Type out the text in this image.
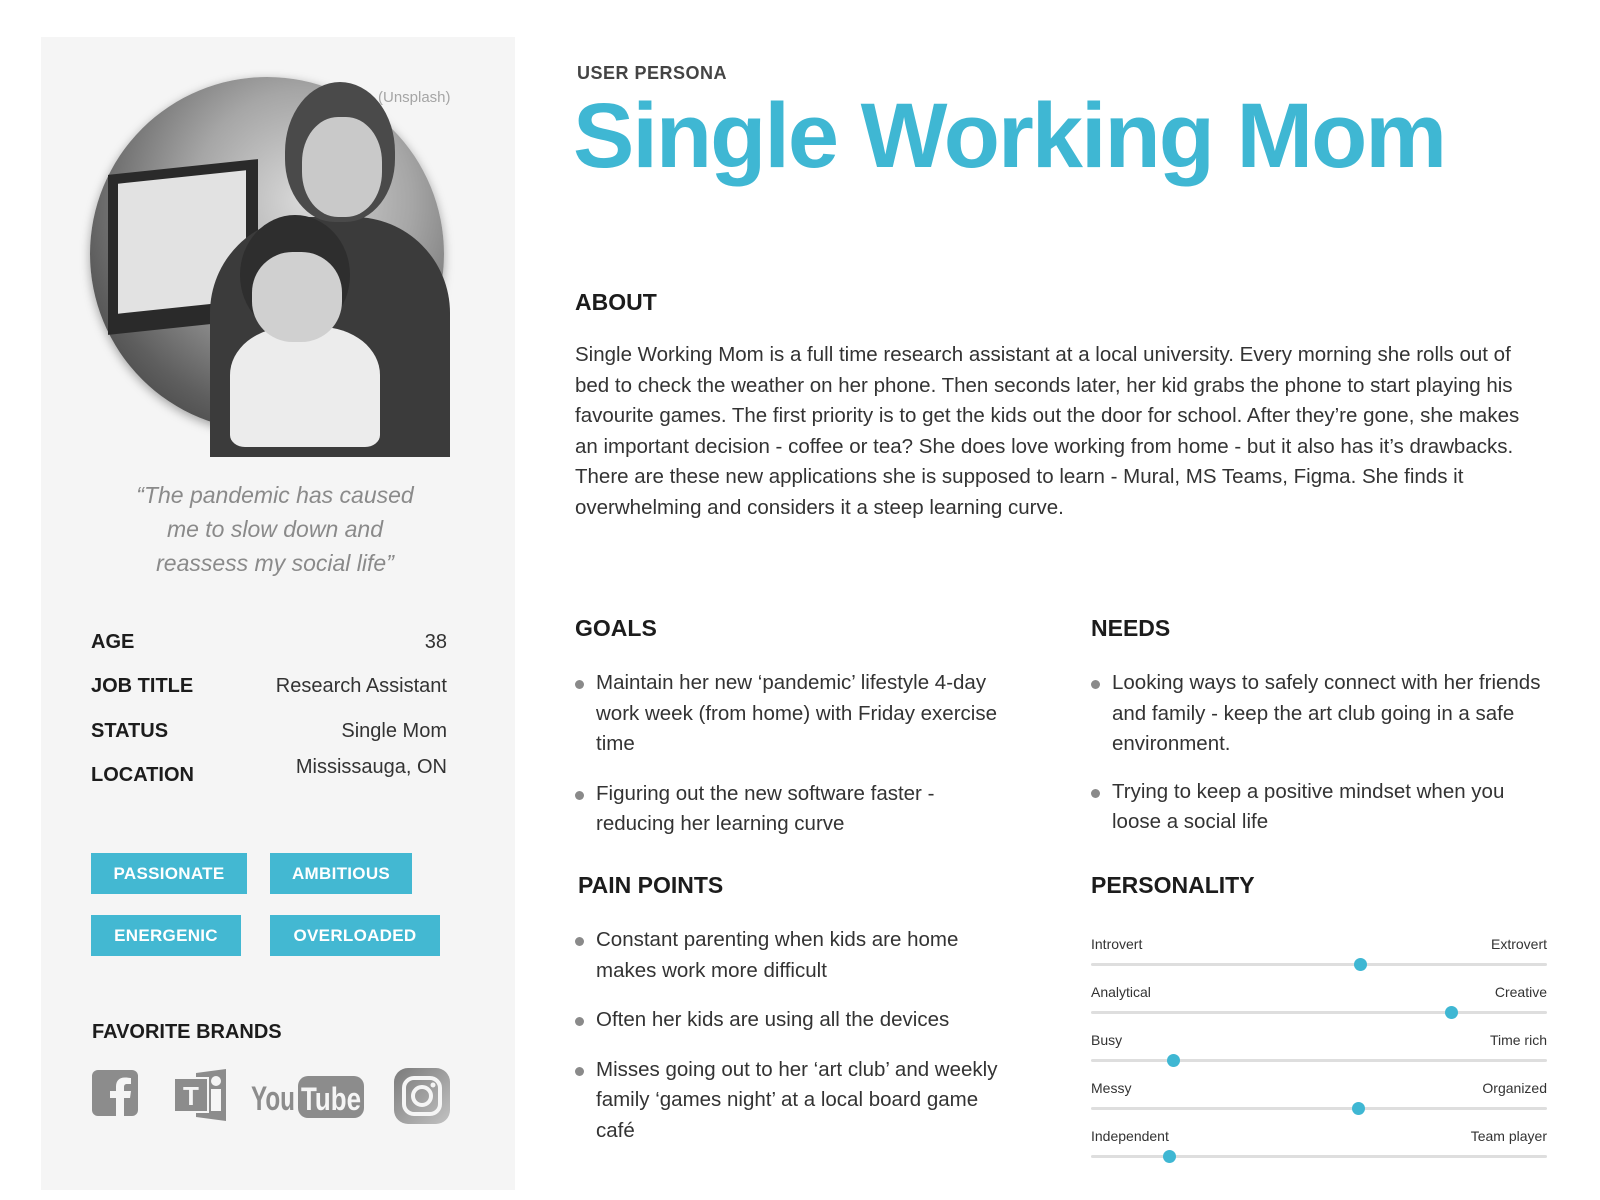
(Unsplash)
“The pandemic has caused
me to slow down and
reassess my social life”
AGE	38
JOB TITLE	Research Assistant
STATUS	Single Mom
LOCATION	Mississauga, ON
PASSIONATE	AMBITIOUS
ENERGENIC	OVERLOADED
FAVORITE BRANDS
T You Tube
USER PERSONA
Single Working Mom
ABOUT
Single Working Mom is a full time research assistant at a local university. Every morning she rolls out of bed to check the weather on her phone. Then seconds later, her kid grabs the phone to start playing his favourite games. The first priority is to get the kids out the door for school. After they’re gone, she makes an important decision - coffee or tea? She does love working from home - but it also has it’s drawbacks. There are these new applications she is supposed to learn - Mural, MS Teams, Figma. She finds it overwhelming and considers it a steep learning curve.
GOALS
Maintain her new ‘pandemic’ lifestyle 4-day work week (from home) with Friday exercise time
Figuring out the new software faster - reducing her learning curve
NEEDS
Looking ways to safely connect with her friends and family - keep the art club going in a safe environment.
Trying to keep a positive mindset when you loose a social life
PAIN POINTS
Constant parenting when kids are home makes work more difficult
Often her kids are using all the devices
Misses going out to her ‘art club’ and weekly family ‘games night’ at a local board game café
PERSONALITY
Introvert	Extrovert
Analytical	Creative
Busy	Time rich
Messy	Organized
Independent	Team player
